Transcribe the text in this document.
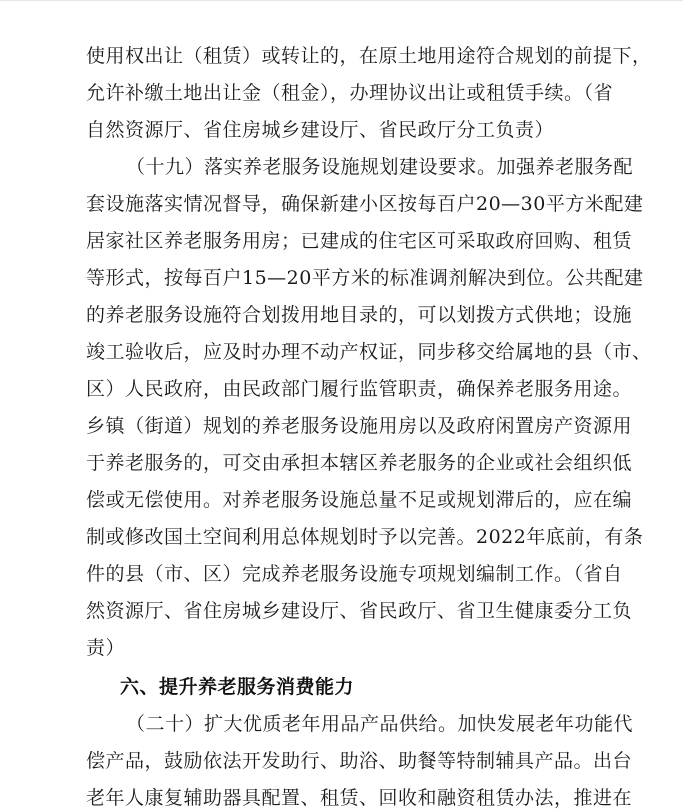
使用权出让（租赁）或转让的，在原土地用途符合规划的前提下，
允许补缴土地出让金（租金），办理协议出让或租赁手续。（省
自然资源厅、省住房城乡建设厅、省民政厅分工负责）
（十九）落实养老服务设施规划建设要求。加强养老服务配
套设施落实情况督导，确保新建小区按每百户20—30平方米配建
居家社区养老服务用房；已建成的住宅区可采取政府回购、租赁
等形式，按每百户15—20平方米的标准调剂解决到位。公共配建
的养老服务设施符合划拨用地目录的，可以划拨方式供地；设施
竣工验收后，应及时办理不动产权证，同步移交给属地的县（市、
区）人民政府，由民政部门履行监管职责，确保养老服务用途。
乡镇（街道）规划的养老服务设施用房以及政府闲置房产资源用
于养老服务的，可交由承担本辖区养老服务的企业或社会组织低
偿或无偿使用。对养老服务设施总量不足或规划滞后的，应在编
制或修改国土空间利用总体规划时予以完善。2022年底前，有条
件的县（市、区）完成养老服务设施专项规划编制工作。（省自
然资源厅、省住房城乡建设厅、省民政厅、省卫生健康委分工负
责）
六、提升养老服务消费能力
（二十）扩大优质老年用品产品供给。加快发展老年功能代
偿产品，鼓励依法开发助行、助浴、助餐等特制辅具产品。出台
老年人康复辅助器具配置、租赁、回收和融资租赁办法，推进在
